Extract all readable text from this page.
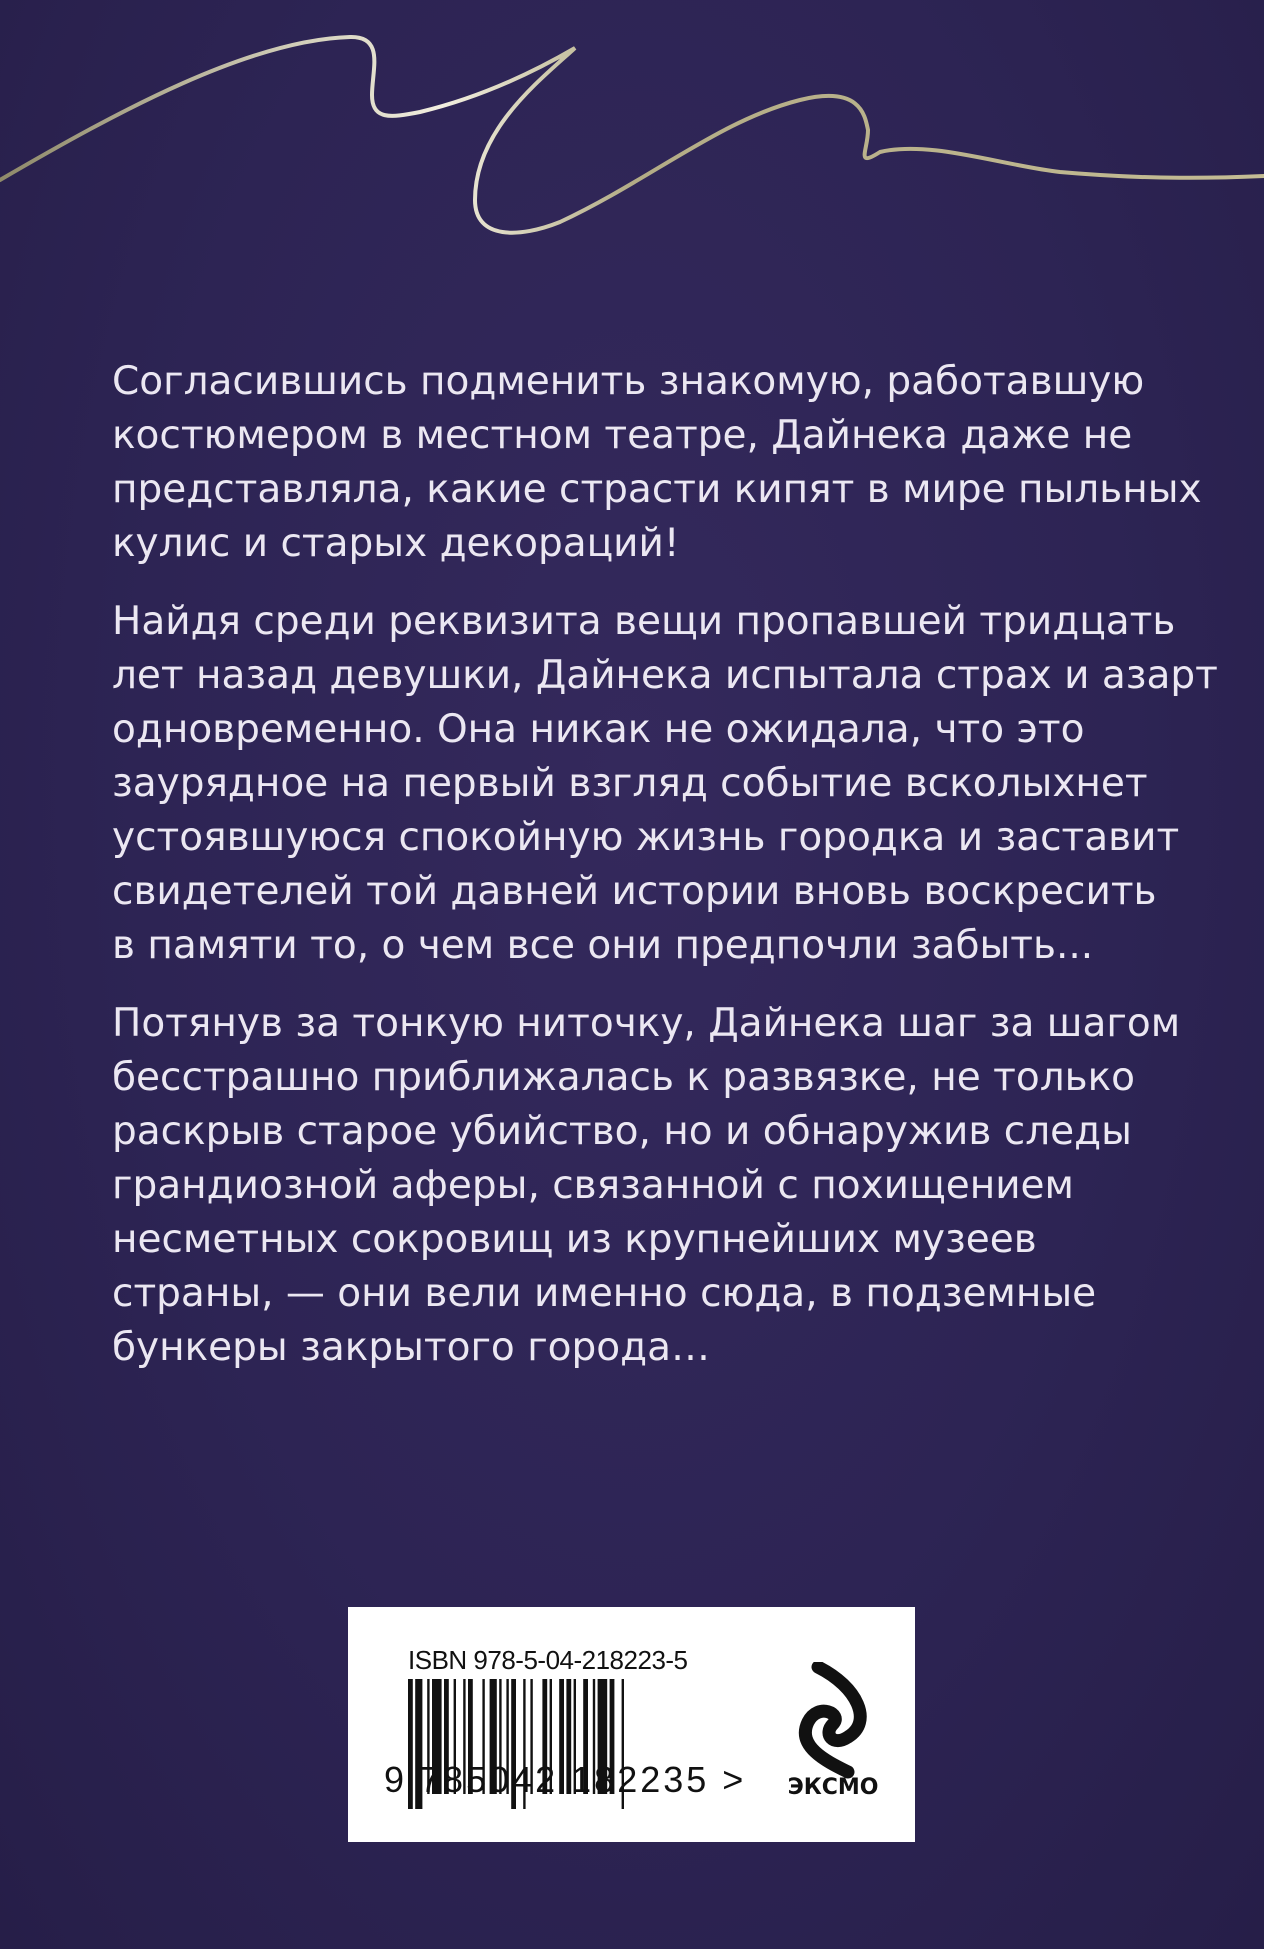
Согласившись подменить знакомую, работавшую
костюмером в местном театре, Дайнека даже не
представляла, какие страсти кипят в мире пыльных
кулис и старых декораций!

Найдя среди реквизита вещи пропавшей тридцать
лет назад девушки, Дайнека испытала страх и азарт
одновременно. Она никак не ожидала, что это
заурядное на первый взгляд событие всколыхнет
устоявшуюся спокойную жизнь городка и заставит
свидетелей той давней истории вновь воскресить
в памяти то, о чем все они предпочли забыть...

Потянув за тонкую ниточку, Дайнека шаг за шагом
бесстрашно приближалась к развязке, не только
раскрыв старое убийство, но и обнаружив следы
грандиозной аферы, связанной с похищением
несметных сокровищ из крупнейших музеев
страны, — они вели именно сюда, в подземные
бункеры закрытого города…

ISBN 978-5-04-218223-5
9 785042 182235 >	ЭКСМО
